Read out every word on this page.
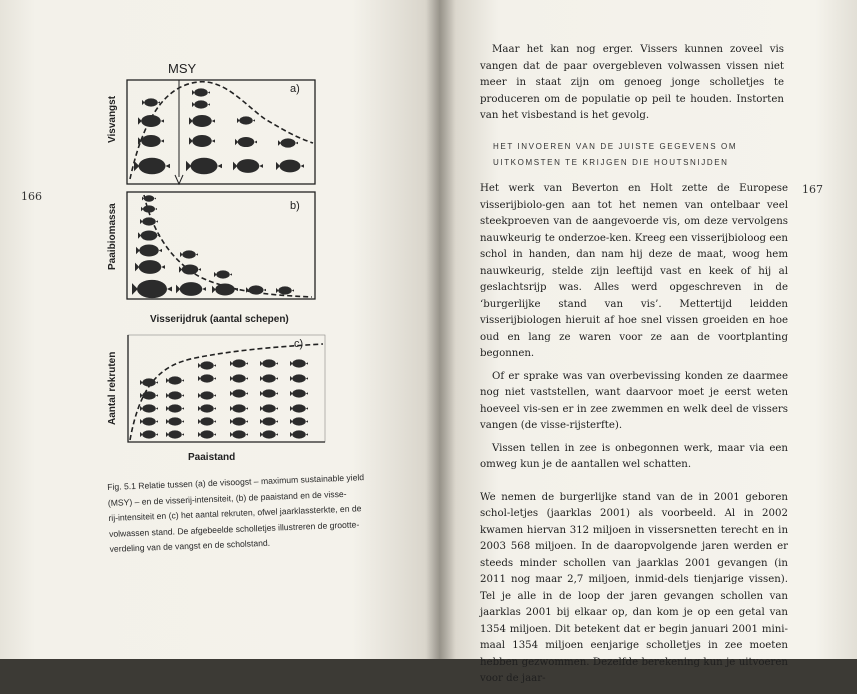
166
MSY
a)
Visvangst
b)
Paaibiomassa
Visserijdruk (aantal schepen)
c)
Aantal rekruten
Paaistand
Fig. 5.1 Relatie tussen (a) de visoogst – maximum sustainable yield
(MSY) – en de visserij-intensiteit, (b) de paaistand en de visse-
rij-intensiteit en (c) het aantal rekruten, ofwel jaarklassterkte, en de
volwassen stand. De afgebeelde scholletjes illustreren de grootte-
verdeling van de vangst en de scholstand.
167

Maar het kan nog erger. Vissers kunnen zoveel vis vangen dat de paar overgebleven volwassen vissen niet meer in staat zijn om genoeg jonge scholletjes te produceren om de populatie op peil te houden. Instorten van het visbestand is het gevolg.

HET INVOEREN VAN DE JUISTE GEGEVENS OM
UITKOMSTEN TE KRIJGEN DIE HOUTSNIJDEN

Het werk van Beverton en Holt zette de Europese visserijbiolo-gen aan tot het nemen van ontelbaar veel steekproeven van de aangevoerde vis, om deze vervolgens nauwkeurig te onderzoe-ken. Kreeg een visserijbioloog een schol in handen, dan nam hij deze de maat, woog hem nauwkeurig, stelde zijn leeftijd vast en keek of hij al geslachtsrijp was. Alles werd opgeschreven in de ‘burgerlijke stand van vis’. Mettertijd leidden visserijbiologen hieruit af hoe snel vissen groeiden en hoe oud en lang ze waren voor ze aan de voortplanting begonnen.

Of er sprake was van overbevissing konden ze daarmee nog niet vaststellen, want daarvoor moet je eerst weten hoeveel vis-sen er in zee zwemmen en welk deel de vissers vangen (de visse-rijsterfte).

Vissen tellen in zee is onbegonnen werk, maar via een omweg kun je de aantallen wel schatten.

We nemen de burgerlijke stand van de in 2001 geboren schol-letjes (jaarklas 2001) als voorbeeld. Al in 2002 kwamen hiervan 312 miljoen in vissersnetten terecht en in 2003 568 miljoen. In de daaropvolgende jaren werden er steeds minder schollen van jaarklas 2001 gevangen (in 2011 nog maar 2,7 miljoen, inmid-dels tienjarige vissen). Tel je alle in de loop der jaren gevangen schollen van jaarklas 2001 bij elkaar op, dan kom je op een getal van 1354 miljoen. Dit betekent dat er begin januari 2001 mini-maal 1354 miljoen eenjarige scholletjes in zee moeten hebben gezwommen. Dezelfde berekening kun je uitvoeren voor de jaar-
